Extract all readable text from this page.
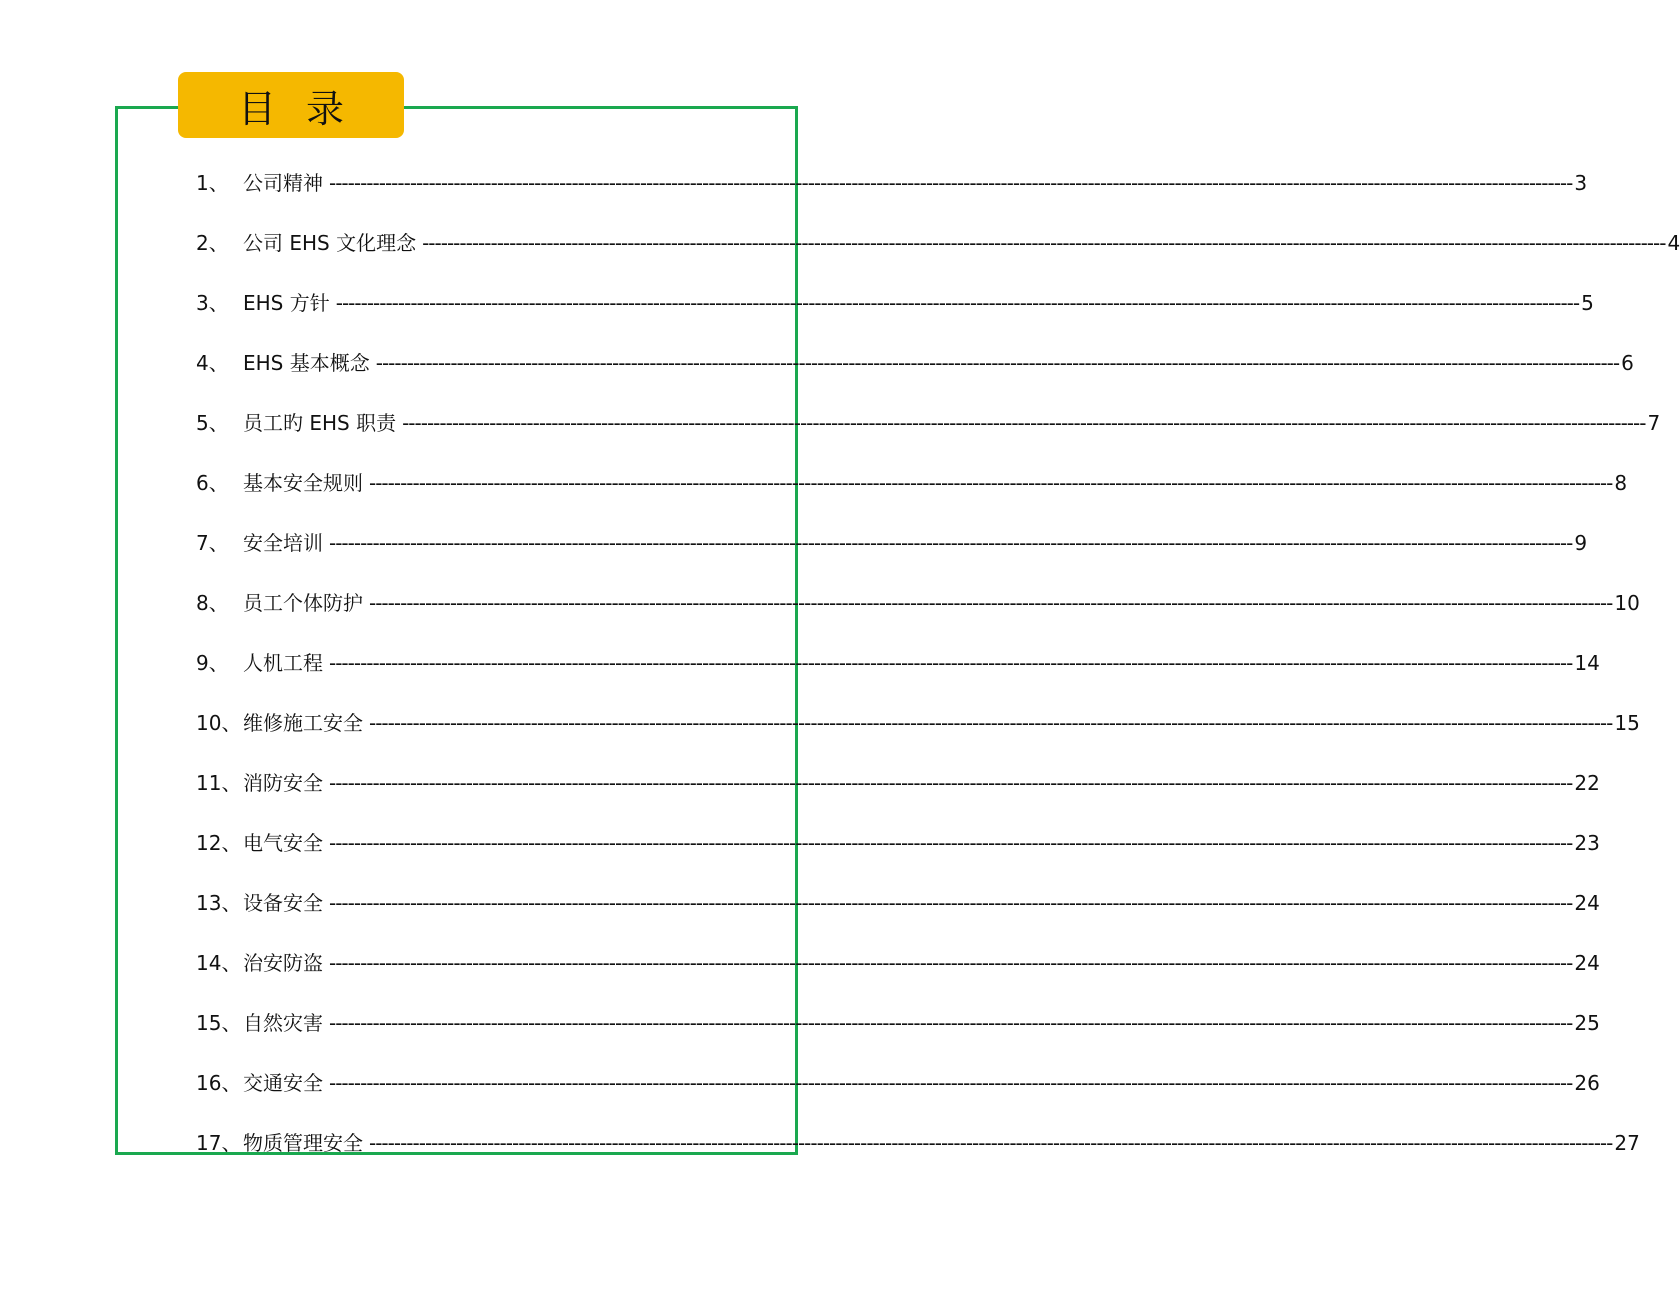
目录
1、 公司精神 -------------------------------------------------------------------------------------------------------------------------------------------------------------------------------------------------------- 3
2、 公司 EHS 文化理念 -------------------------------------------------------------------------------------------------------------------------------------------------------------------------------------------------------- 4
3、 EHS 方针 -------------------------------------------------------------------------------------------------------------------------------------------------------------------------------------------------------- 5
4、 EHS 基本概念 -------------------------------------------------------------------------------------------------------------------------------------------------------------------------------------------------------- 6
5、 员工旳 EHS 职责 -------------------------------------------------------------------------------------------------------------------------------------------------------------------------------------------------------- 7
6、 基本安全规则 -------------------------------------------------------------------------------------------------------------------------------------------------------------------------------------------------------- 8
7、 安全培训 -------------------------------------------------------------------------------------------------------------------------------------------------------------------------------------------------------- 9
8、 员工个体防护 -------------------------------------------------------------------------------------------------------------------------------------------------------------------------------------------------------- 10
9、 人机工程 -------------------------------------------------------------------------------------------------------------------------------------------------------------------------------------------------------- 14
10、 维修施工安全 -------------------------------------------------------------------------------------------------------------------------------------------------------------------------------------------------------- 15
11、 消防安全 -------------------------------------------------------------------------------------------------------------------------------------------------------------------------------------------------------- 22
12、 电气安全 -------------------------------------------------------------------------------------------------------------------------------------------------------------------------------------------------------- 23
13、 设备安全 -------------------------------------------------------------------------------------------------------------------------------------------------------------------------------------------------------- 24
14、 治安防盗 -------------------------------------------------------------------------------------------------------------------------------------------------------------------------------------------------------- 24
15、 自然灾害 -------------------------------------------------------------------------------------------------------------------------------------------------------------------------------------------------------- 25
16、 交通安全 -------------------------------------------------------------------------------------------------------------------------------------------------------------------------------------------------------- 26
17、 物质管理安全 -------------------------------------------------------------------------------------------------------------------------------------------------------------------------------------------------------- 27
